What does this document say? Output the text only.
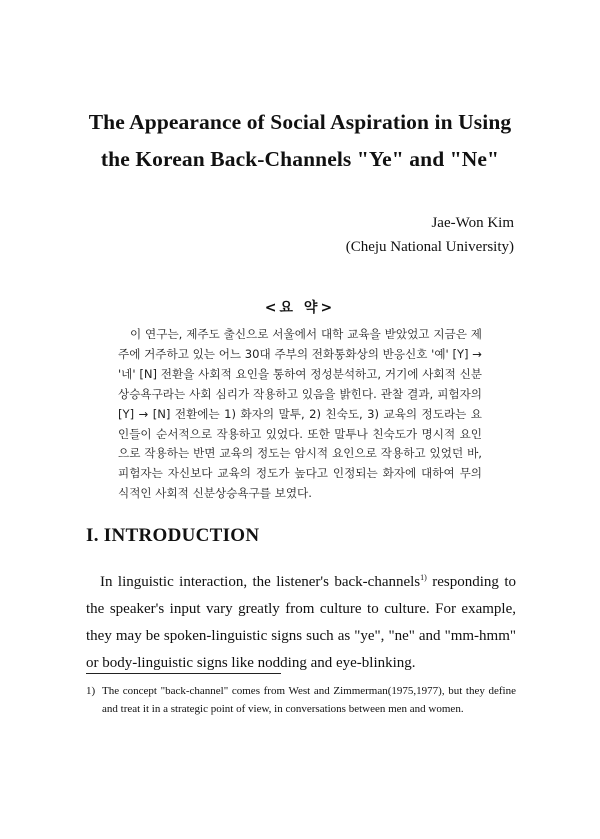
The Appearance of Social Aspiration in Using
the Korean Back-Channels "Ye" and "Ne"
Jae-Won Kim
(Cheju National University)
<요 약>

이 연구는, 제주도 출신으로 서울에서 대학 교육을 받았었고 지금은 제주에 거주하고 있는 어느 30대 주부의 전화통화상의 반응신호 '예' [Y] → '네' [N] 전환을 사회적 요인을 통하여 정성분석하고, 거기에 사회적 신분상승욕구라는 사회 심리가 작용하고 있음을 밝힌다. 관찰 결과, 피험자의 [Y] → [N] 전환에는 1) 화자의 말투, 2) 친숙도, 3) 교육의 정도라는 요인들이 순서적으로 작용하고 있었다. 또한 말투나 친숙도가 명시적 요인으로 작용하는 반면 교육의 정도는 암시적 요인으로 작용하고 있었던 바, 피험자는 자신보다 교육의 정도가 높다고 인정되는 화자에 대하여 무의식적인 사회적 신분상승욕구를 보였다.

I. INTRODUCTION

In linguistic interaction, the listener's back-channels$^{1)}$ responding to the speaker's input vary greatly from culture to culture. For example, they may be spoken-linguistic signs such as "ye", "ne" and "mm-hmm" or body-linguistic signs like nodding and eye-blinking.

1) The concept "back-channel" comes from West and Zimmerman(1975,1977), but they define and treat it in a strategic point of view, in conversations between men and women.
